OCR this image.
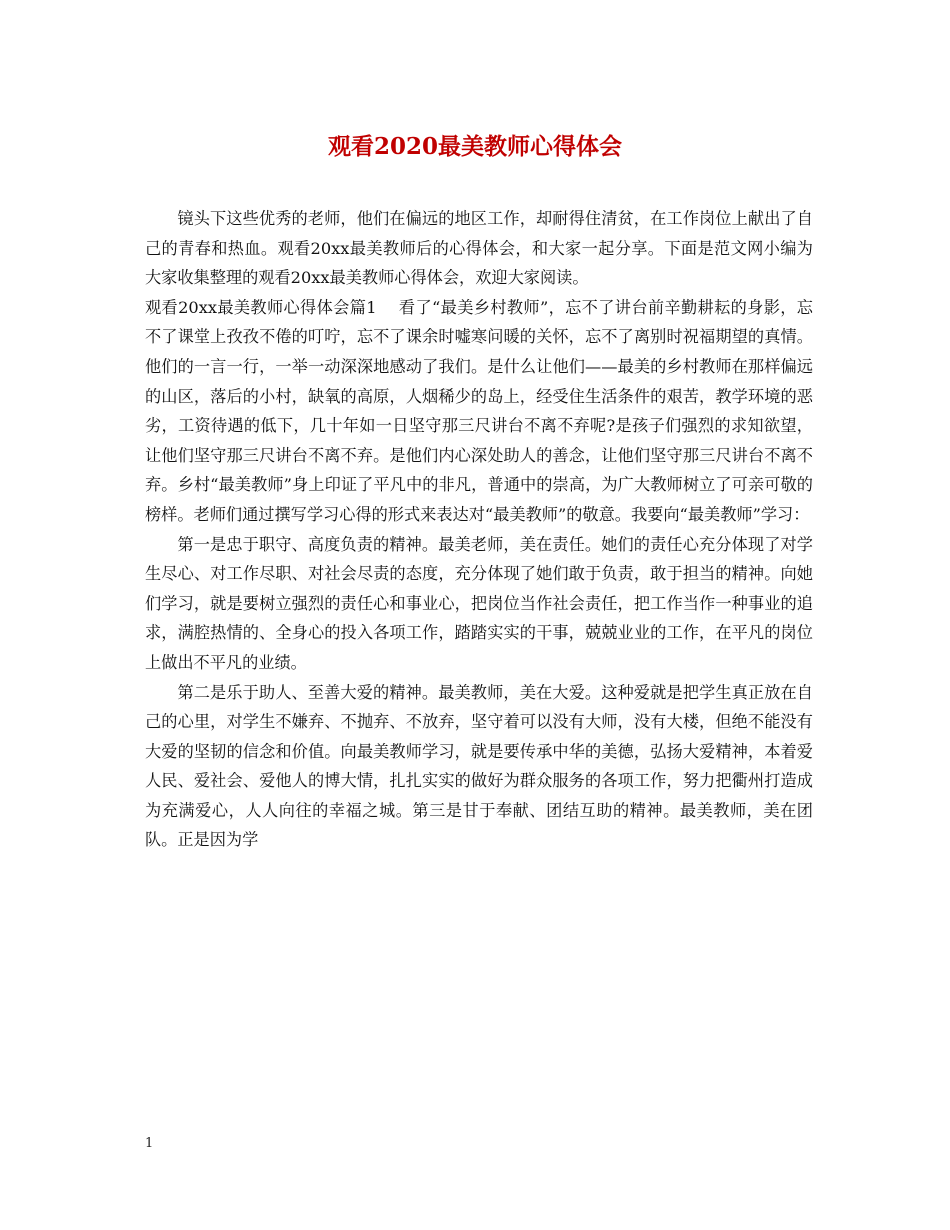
观看2020最美教师心得体会

镜头下这些优秀的老师，他们在偏远的地区工作，却耐得住清贫，在工作岗位上献出了自己的青春和热血。观看20xx最美教师后的心得体会，和大家一起分享。下面是范文网小编为大家收集整理的观看20xx最美教师心得体会，欢迎大家阅读。

观看20xx最美教师心得体会篇1 看了“最美乡村教师”，忘不了讲台前辛勤耕耘的身影，忘不了课堂上孜孜不倦的叮咛，忘不了课余时嘘寒问暖的关怀，忘不了离别时祝福期望的真情。他们的一言一行，一举一动深深地感动了我们。是什么让他们——最美的乡村教师在那样偏远的山区，落后的小村，缺氧的高原，人烟稀少的岛上，经受住生活条件的艰苦，教学环境的恶劣，工资待遇的低下，几十年如一日坚守那三尺讲台不离不弃呢?是孩子们强烈的求知欲望，让他们坚守那三尺讲台不离不弃。是他们内心深处助人的善念，让他们坚守那三尺讲台不离不弃。乡村“最美教师”身上印证了平凡中的非凡，普通中的崇高，为广大教师树立了可亲可敬的榜样。老师们通过撰写学习心得的形式来表达对“最美教师”的敬意。我要向“最美教师”学习：

第一是忠于职守、高度负责的精神。最美老师，美在责任。她们的责任心充分体现了对学生尽心、对工作尽职、对社会尽责的态度，充分体现了她们敢于负责，敢于担当的精神。向她们学习，就是要树立强烈的责任心和事业心，把岗位当作社会责任，把工作当作一种事业的追求，满腔热情的、全身心的投入各项工作，踏踏实实的干事，兢兢业业的工作，在平凡的岗位上做出不平凡的业绩。

第二是乐于助人、至善大爱的精神。最美教师，美在大爱。这种爱就是把学生真正放在自己的心里，对学生不嫌弃、不抛弃、不放弃，坚守着可以没有大师，没有大楼，但绝不能没有大爱的坚韧的信念和价值。向最美教师学习，就是要传承中华的美德，弘扬大爱精神，本着爱人民、爱社会、爱他人的博大情，扎扎实实的做好为群众服务的各项工作，努力把衢州打造成为充满爱心，人人向往的幸福之城。第三是甘于奉献、团结互助的精神。最美教师，美在团队。正是因为学

1
